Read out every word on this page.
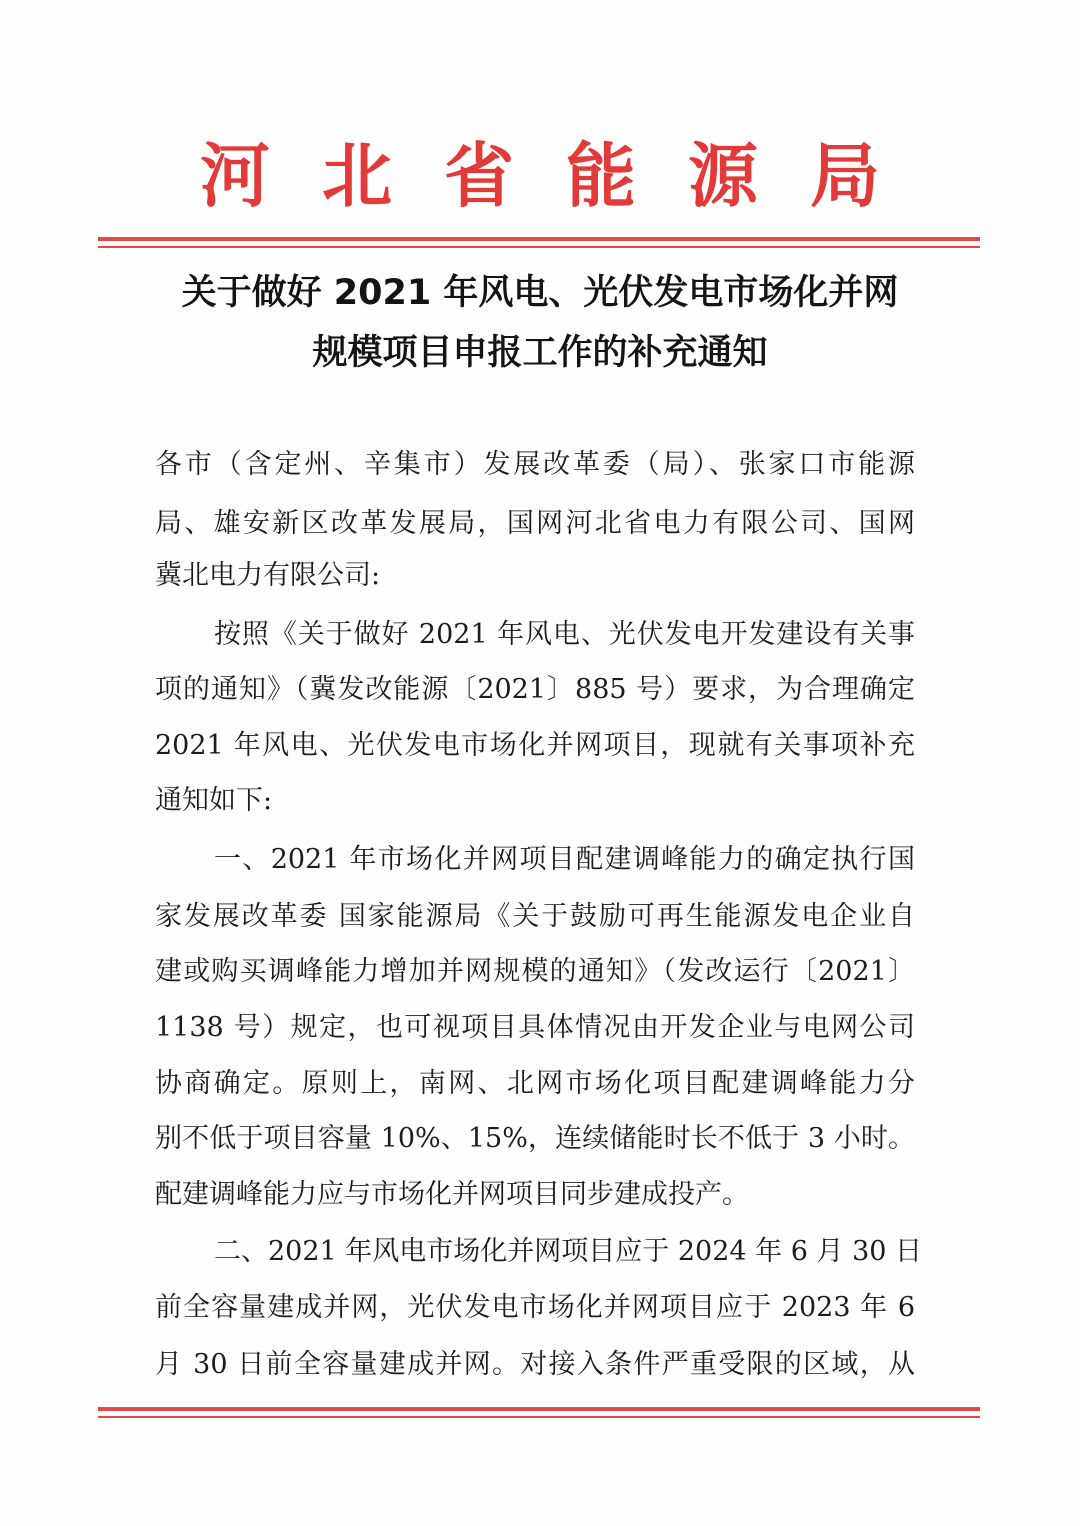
河北省能源局
关于做好 2021 年风电、光伏发电市场化并网
规模项目申报工作的补充通知
各市（含定州、辛集市）发展改革委（局）、张家口市能源
局、雄安新区改革发展局，国网河北省电力有限公司、国网
冀北电力有限公司:
按照《关于做好 2021 年风电、光伏发电开发建设有关事
项的通知》（冀发改能源〔2021〕885 号）要求，为合理确定
2021 年风电、光伏发电市场化并网项目，现就有关事项补充
通知如下:
一、2021 年市场化并网项目配建调峰能力的确定执行国
家发展改革委 国家能源局《关于鼓励可再生能源发电企业自
建或购买调峰能力增加并网规模的通知》（发改运行〔2021〕
1138 号）规定，也可视项目具体情况由开发企业与电网公司
协商确定。原则上，南网、北网市场化项目配建调峰能力分
别不低于项目容量 10%、15%，连续储能时长不低于 3 小时。
配建调峰能力应与市场化并网项目同步建成投产。
二、2021 年风电市场化并网项目应于 2024 年 6 月 30 日
前全容量建成并网，光伏发电市场化并网项目应于 2023 年 6
月 30 日前全容量建成并网。对接入条件严重受限的区域，从
